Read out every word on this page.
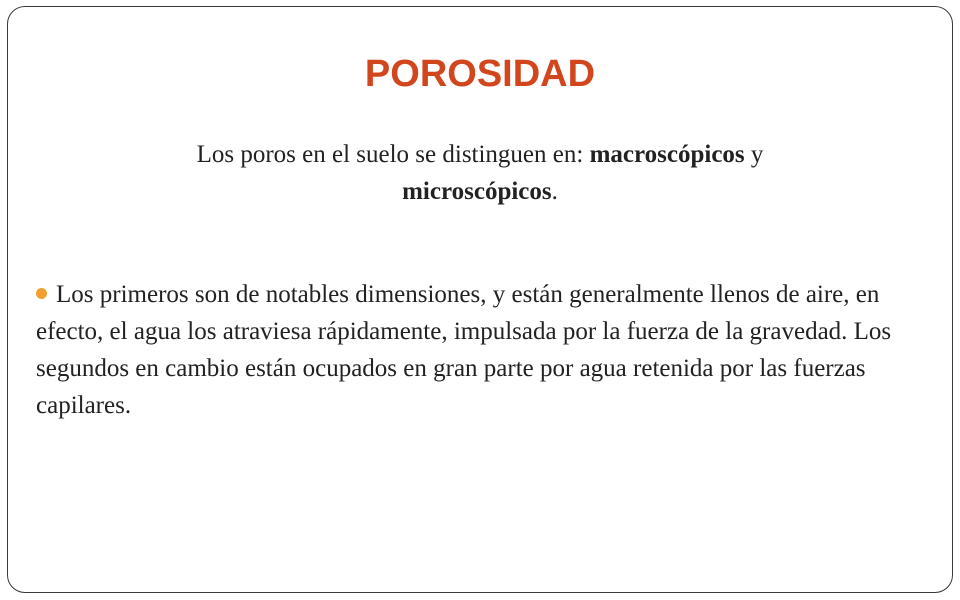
POROSIDAD

Los poros en el suelo se distinguen en: macroscópicos y
microscópicos.

Los primeros son de notables dimensiones, y están generalmente llenos de aire, en efecto, el agua los atraviesa rápidamente, impulsada por la fuerza de la gravedad. Los segundos en cambio están ocupados en gran parte por agua retenida por las fuerzas capilares.
